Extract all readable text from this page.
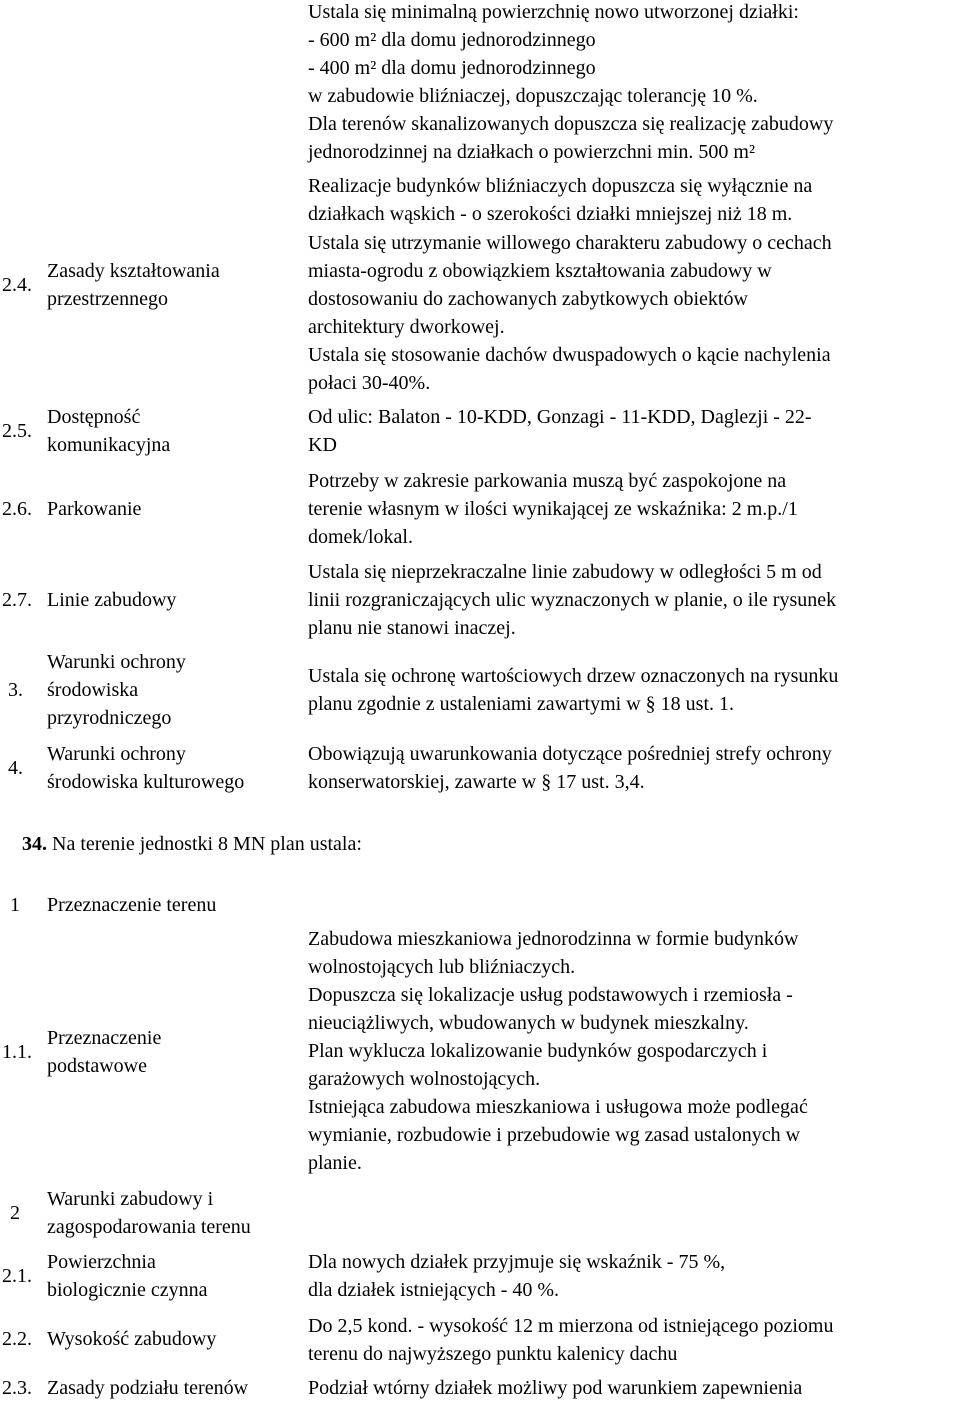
Ustala się minimalną powierzchnię nowo utworzonej działki:
- 600 m² dla domu jednorodzinnego
- 400 m² dla domu jednorodzinnego
w zabudowie bliźniaczej, dopuszczając tolerancję 10 %.

Dla terenów skanalizowanych dopuszcza się realizację zabudowy
jednorodzinnej na działkach o powierzchni min. 500 m²

Realizacje budynków bliźniaczych dopuszcza się wyłącznie na
działkach wąskich - o szerokości działki mniejszej niż 18 m.

2.4.
Zasady kształtowania
przestrzennego
Ustala się utrzymanie willowego charakteru zabudowy o cechach
miasta-ogrodu z obowiązkiem kształtowania zabudowy w
dostosowaniu do zachowanych zabytkowych obiektów
architektury dworkowej.
Ustala się stosowanie dachów dwuspadowych o kącie nachylenia
połaci 30-40%.
2.5.
Dostępność
komunikacyjna
Od ulic: Balaton - 10-KDD, Gonzagi - 11-KDD, Daglezji - 22-
KD
2.6. Parkowanie
Potrzeby w zakresie parkowania muszą być zaspokojone na
terenie własnym w ilości wynikającej ze wskaźnika: 2 m.p./1
domek/lokal.
2.7. Linie zabudowy
Ustala się nieprzekraczalne linie zabudowy w odległości 5 m od
linii rozgraniczających ulic wyznaczonych w planie, o ile rysunek
planu nie stanowi inaczej.
3.
Warunki ochrony
środowiska
przyrodniczego
Ustala się ochronę wartościowych drzew oznaczonych na rysunku
planu zgodnie z ustaleniami zawartymi w § 18 ust. 1.
4.
Warunki ochrony
środowiska kulturowego
Obowiązują uwarunkowania dotyczące pośredniej strefy ochrony
konserwatorskiej, zawarte w § 17 ust. 3,4.
34. Na terenie jednostki 8 MN plan ustala:
1 Przeznaczenie terenu
1.1.
Przeznaczenie
podstawowe
Zabudowa mieszkaniowa jednorodzinna w formie budynków
wolnostojących lub bliźniaczych.
Dopuszcza się lokalizacje usług podstawowych i rzemiosła -
nieuciążliwych, wbudowanych w budynek mieszkalny.
Plan wyklucza lokalizowanie budynków gospodarczych i
garażowych wolnostojących.
Istniejąca zabudowa mieszkaniowa i usługowa może podlegać
wymianie, rozbudowie i przebudowie wg zasad ustalonych w
planie.
2
Warunki zabudowy i
zagospodarowania terenu
2.1.
Powierzchnia
biologicznie czynna
Dla nowych działek przyjmuje się wskaźnik - 75 %,
dla działek istniejących - 40 %.
2.2. Wysokość zabudowy
Do 2,5 kond. - wysokość 12 m mierzona od istniejącego poziomu
terenu do najwyższego punktu kalenicy dachu
2.3. Zasady podziału terenów	Podział wtórny działek możliwy pod warunkiem zapewnienia
